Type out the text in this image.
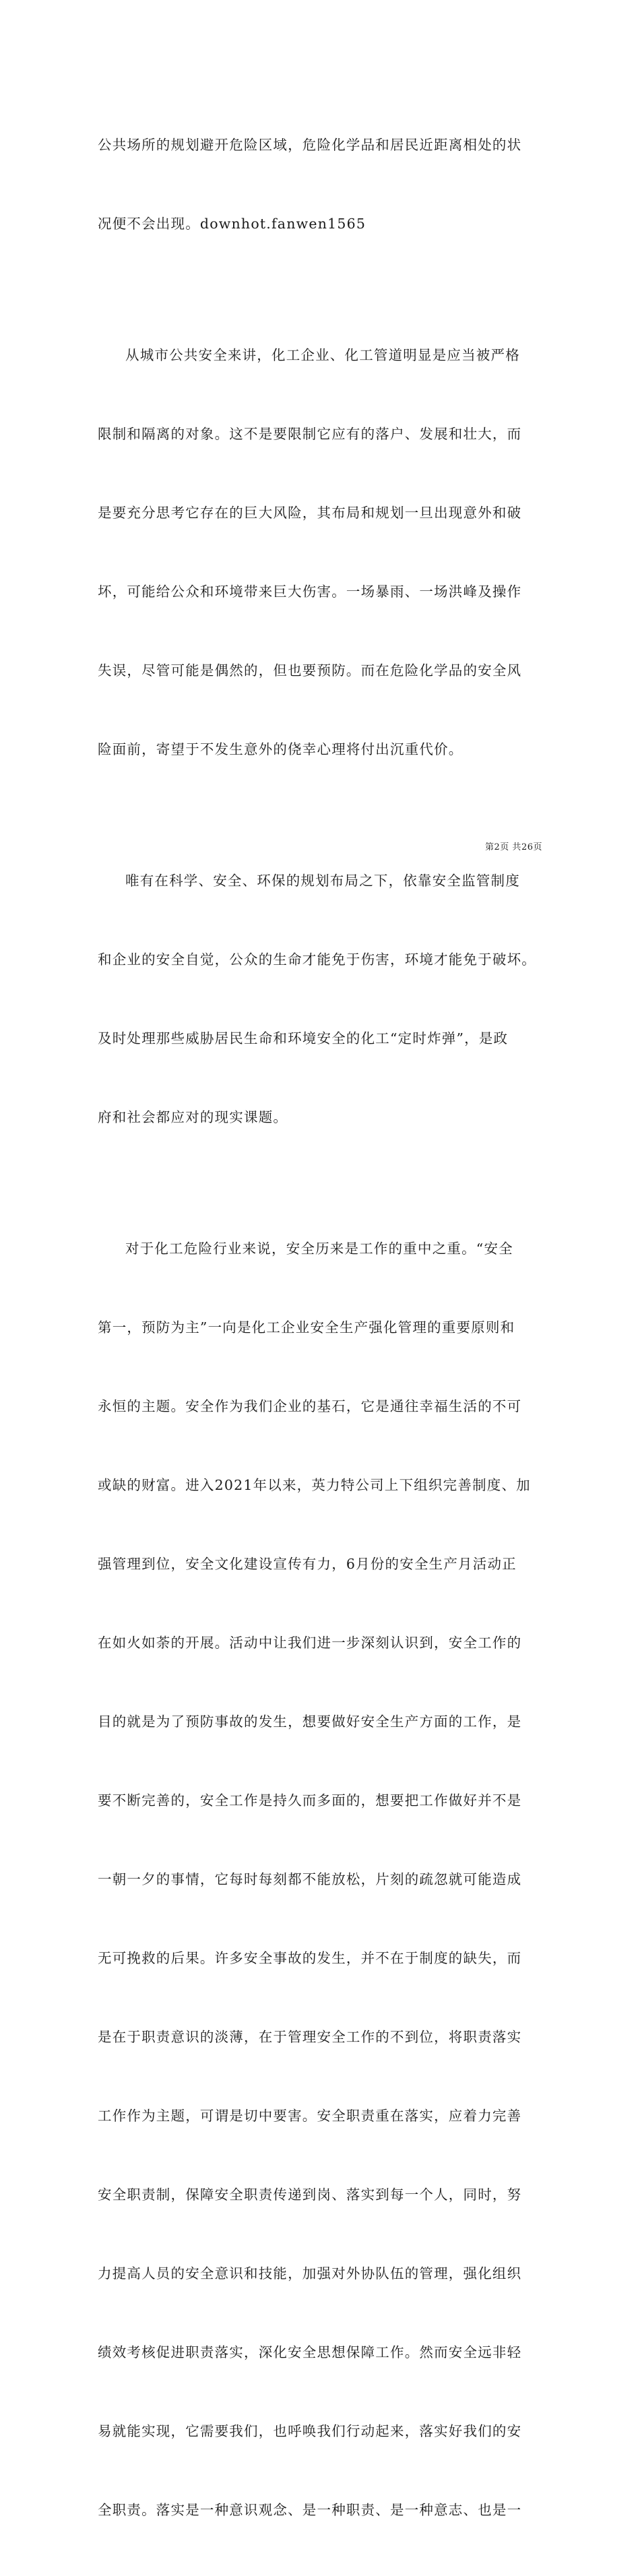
公共场所的规划避开危险区域，危险化学品和居民近距离相处的状

况便不会出现。downhot.fanwen1565

从城市公共安全来讲，化工企业、化工管道明显是应当被严格

限制和隔离的对象。这不是要限制它应有的落户、发展和壮大，而

是要充分思考它存在的巨大风险，其布局和规划一旦出现意外和破

坏，可能给公众和环境带来巨大伤害。一场暴雨、一场洪峰及操作

失误，尽管可能是偶然的，但也要预防。而在危险化学品的安全风

险面前，寄望于不发生意外的侥幸心理将付出沉重代价。

唯有在科学、安全、环保的规划布局之下，依靠安全监管制度

和企业的安全自觉，公众的生命才能免于伤害，环境才能免于破坏。

及时处理那些威胁居民生命和环境安全的化工“定时炸弹”，是政

府和社会都应对的现实课题。

对于化工危险行业来说，安全历来是工作的重中之重。“安全

第一，预防为主”一向是化工企业安全生产强化管理的重要原则和

永恒的主题。安全作为我们企业的基石，它是通往幸福生活的不可

或缺的财富。进入2021年以来，英力特公司上下组织完善制度、加

强管理到位，安全文化建设宣传有力，6月份的安全生产月活动正

在如火如荼的开展。活动中让我们进一步深刻认识到，安全工作的

目的就是为了预防事故的发生，想要做好安全生产方面的工作，是

要不断完善的，安全工作是持久而多面的，想要把工作做好并不是

一朝一夕的事情，它每时每刻都不能放松，片刻的疏忽就可能造成

无可挽救的后果。许多安全事故的发生，并不在于制度的缺失，而

是在于职责意识的淡薄，在于管理安全工作的不到位，将职责落实

工作作为主题，可谓是切中要害。安全职责重在落实，应着力完善

安全职责制，保障安全职责传递到岗、落实到每一个人，同时，努

力提高人员的安全意识和技能，加强对外协队伍的管理，强化组织

绩效考核促进职责落实，深化安全思想保障工作。然而安全远非轻

易就能实现，它需要我们，也呼唤我们行动起来，落实好我们的安

全职责。落实是一种意识观念、是一种职责、是一种意志、也是一

第2页 共26页
